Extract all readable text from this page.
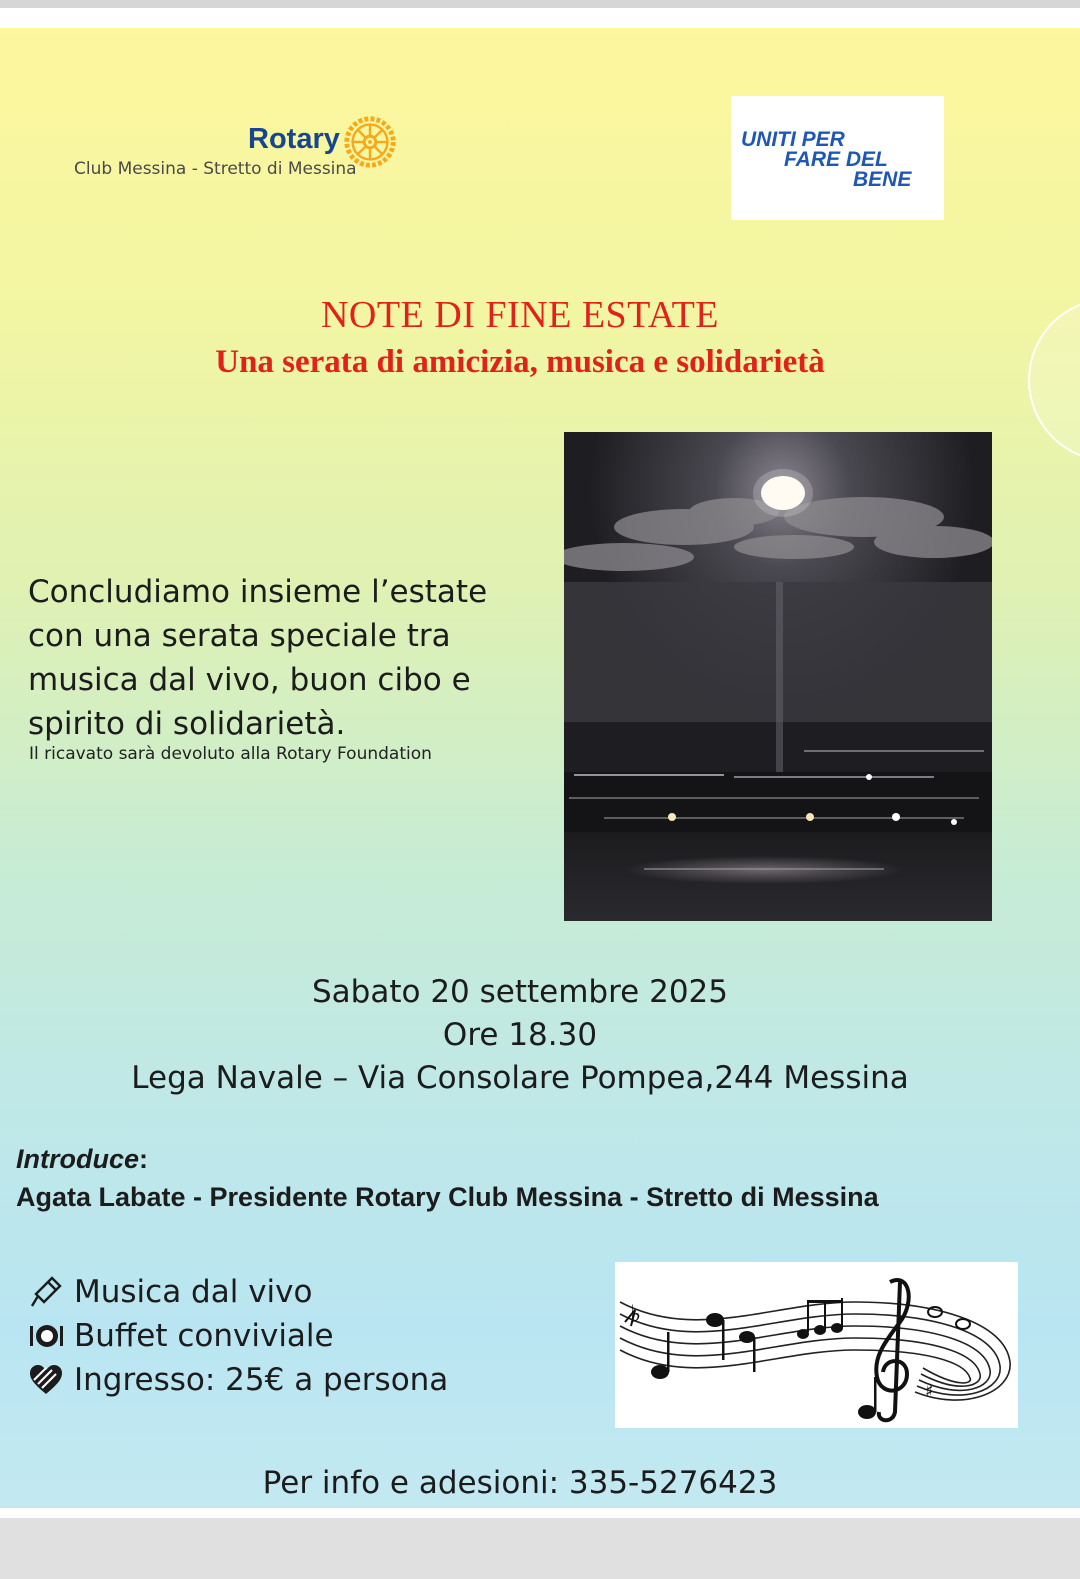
Rotary
Club Messina - Stretto di Messina
UNITI PER
FARE DEL
BENE
NOTE DI FINE ESTATE
Una serata di amicizia, musica e solidarietà
Concludiamo insieme l’estate
con una serata speciale tra
musica dal vivo, buon cibo e
spirito di solidarietà.
Il ricavato sarà devoluto alla Rotary Foundation
Sabato 20 settembre 2025
Ore 18.30
Lega Navale – Via Consolare Pompea,244 Messina
Introduce:
Agata Labate - Presidente Rotary Club Messina - Stretto di Messina
Musica dal vivo
Buffet conviviale
Ingresso: 25€ a persona
♭
♯
Per info e adesioni: 335-5276423
